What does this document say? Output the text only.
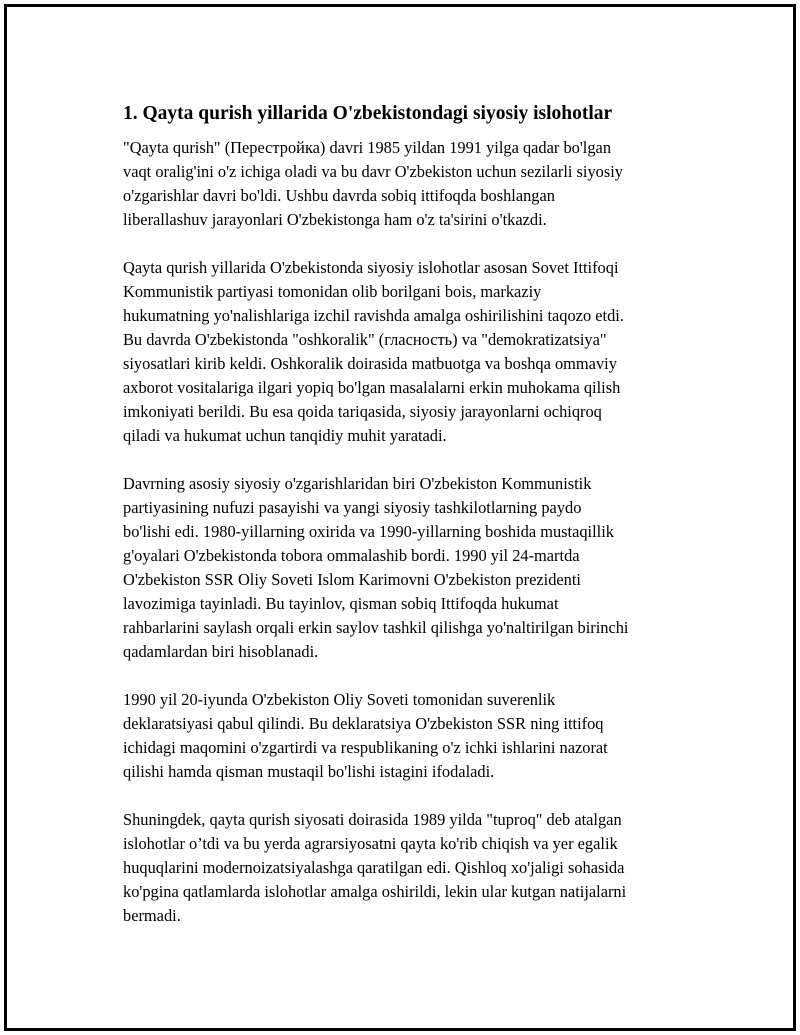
1. Qayta qurish yillarida O'zbekistondagi siyosiy islohotlar
"Qayta qurish" (Перестройка) davri 1985 yildan 1991 yilga qadar bo'lgan
vaqt oralig'ini o'z ichiga oladi va bu davr O'zbekiston uchun sezilarli siyosiy
o'zgarishlar davri bo'ldi. Ushbu davrda sobiq ittifoqda boshlangan
liberallashuv jarayonlari O'zbekistonga ham o'z ta'sirini o'tkazdi.
Qayta qurish yillarida O'zbekistonda siyosiy islohotlar asosan Sovet Ittifoqi
Kommunistik partiyasi tomonidan olib borilgani bois, markaziy
hukumatning yo'nalishlariga izchil ravishda amalga oshirilishini taqozo etdi.
Bu davrda O'zbekistonda "oshkoralik" (гласность) va "demokratizatsiya"
siyosatlari kirib keldi. Oshkoralik doirasida matbuotga va boshqa ommaviy
axborot vositalariga ilgari yopiq bo'lgan masalalarni erkin muhokama qilish
imkoniyati berildi. Bu esa qoida tariqasida, siyosiy jarayonlarni ochiqroq
qiladi va hukumat uchun tanqidiy muhit yaratadi.
Davrning asosiy siyosiy o'zgarishlaridan biri O'zbekiston Kommunistik
partiyasining nufuzi pasayishi va yangi siyosiy tashkilotlarning paydo
bo'lishi edi. 1980-yillarning oxirida va 1990-yillarning boshida mustaqillik
g'oyalari O'zbekistonda tobora ommalashib bordi. 1990 yil 24-martda
O'zbekiston SSR Oliy Soveti Islom Karimovni O'zbekiston prezidenti
lavozimiga tayinladi. Bu tayinlov, qisman sobiq Ittifoqda hukumat
rahbarlarini saylash orqali erkin saylov tashkil qilishga yo'naltirilgan birinchi
qadamlardan biri hisoblanadi.
1990 yil 20-iyunda O'zbekiston Oliy Soveti tomonidan suverenlik
deklaratsiyasi qabul qilindi. Bu deklaratsiya O'zbekiston SSR ning ittifoq
ichidagi maqomini o'zgartirdi va respublikaning o'z ichki ishlarini nazorat
qilishi hamda qisman mustaqil bo'lishi istagini ifodaladi.
Shuningdek, qayta qurish siyosati doirasida 1989 yilda "tuproq" deb atalgan
islohotlar o’tdi va bu yerda agrarsiyosatni qayta ko'rib chiqish va yer egalik
huquqlarini modernoizatsiyalashga qaratilgan edi. Qishloq xo'jaligi sohasida
ko'pgina qatlamlarda islohotlar amalga oshirildi, lekin ular kutgan natijalarni
bermadi.
